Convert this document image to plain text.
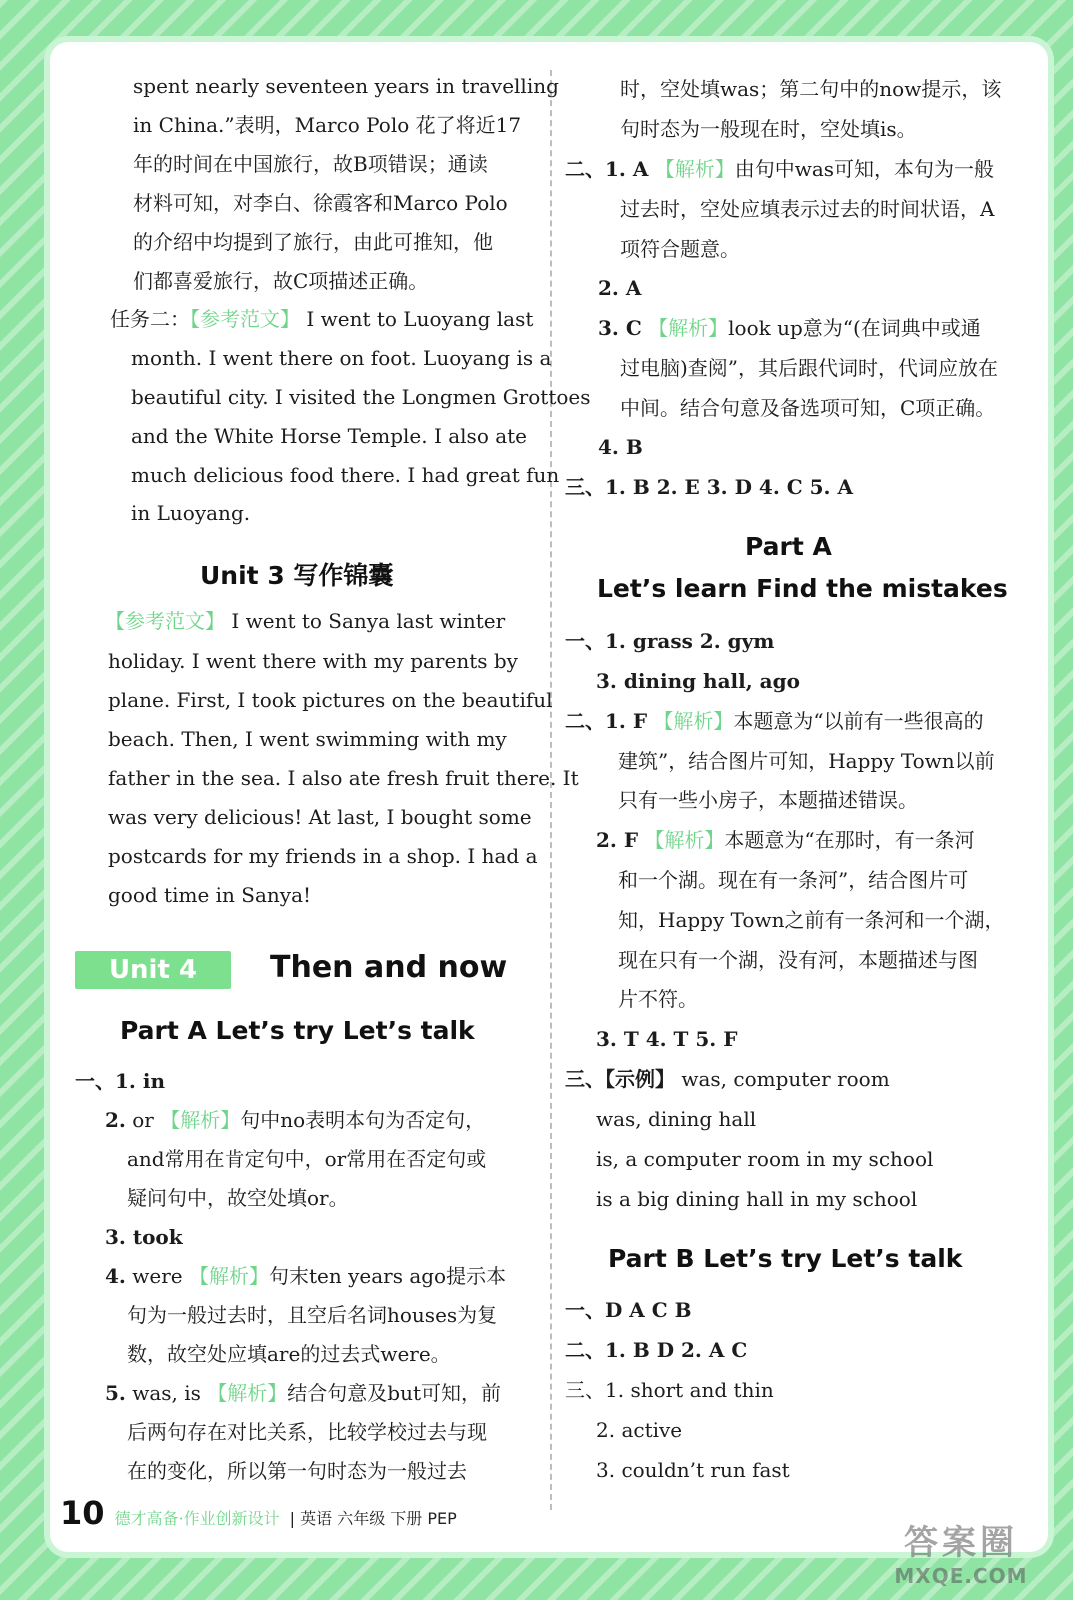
spent nearly seventeen years in travelling
in China.”表明，Marco Polo 花了将近17
年的时间在中国旅行，故B项错误；通读
材料可知，对李白、徐霞客和Marco Polo
的介绍中均提到了旅行，由此可推知，他
们都喜爱旅行，故C项描述正确。
任务二：【参考范文】 I went to Luoyang last
month. I went there on foot. Luoyang is a
beautiful city. I visited the Longmen Grottoes
and the White Horse Temple. I also ate
much delicious food there. I had great fun
in Luoyang.
Unit 3 写作锦囊
【参考范文】 I went to Sanya last winter
holiday. I went there with my parents by
plane. First, I took pictures on the beautiful
beach. Then, I went swimming with my
father in the sea. I also ate fresh fruit there. It
was very delicious! At last, I bought some
postcards for my friends in a shop. I had a
good time in Sanya!
Unit 4	Then and now
Part A Let’s try Let’s talk
一、1. in
2. or 【解析】句中no表明本句为否定句，
and常用在肯定句中，or常用在否定句或
疑问句中，故空处填or。
3. took
4. were 【解析】句末ten years ago提示本
句为一般过去时，且空后名词houses为复
数，故空处应填are的过去式were。
5. was, is 【解析】结合句意及but可知，前
后两句存在对比关系，比较学校过去与现
在的变化，所以第一句时态为一般过去
时，空处填was；第二句中的now提示，该
句时态为一般现在时，空处填is。
二、1. A 【解析】由句中was可知，本句为一般
过去时，空处应填表示过去的时间状语，A
项符合题意。
2. A
3. C 【解析】look up意为“(在词典中或通
过电脑)查阅”，其后跟代词时，代词应放在
中间。结合句意及备选项可知，C项正确。
4. B
三、1. B 2. E 3. D 4. C 5. A
Part A
Let’s learn Find the mistakes
一、1. grass 2. gym
3. dining hall, ago
二、1. F 【解析】本题意为“以前有一些很高的
建筑”，结合图片可知，Happy Town以前
只有一些小房子，本题描述错误。
2. F 【解析】本题意为“在那时，有一条河
和一个湖。现在有一条河”，结合图片可
知，Happy Town之前有一条河和一个湖，
现在只有一个湖，没有河，本题描述与图
片不符。
3. T 4. T 5. F
三、【示例】 was, computer room
was, dining hall
is, a computer room in my school
is a big dining hall in my school
Part B Let’s try Let’s talk
一、D A C B
二、1. B D 2. A C
三、1. short and thin
2. active
3. couldn’t run fast
10 德才高备·作业创新设计 | 英语 六年级 下册 PEP
答案圈
MXQE.COM
